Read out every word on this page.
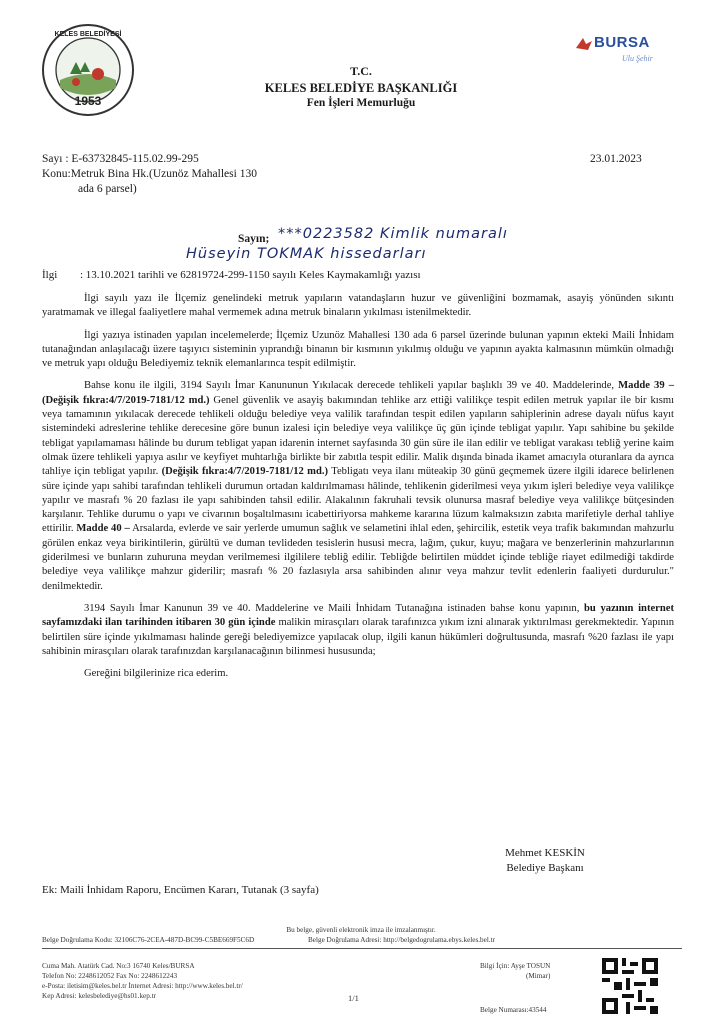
KELES BELEDİYESİ
1953
BURSA
Ulu Şehir
T.C.
KELES BELEDİYE BAŞKANLIĞI
Fen İşleri Memurluğu
Sayı : E-63732845-115.02.99-295
Konu:Metruk Bina Hk.(Uzunöz Mahallesi 130
ada 6 parsel)
23.01.2023
Sayın; ***0223582 Kimlik numaralı
Hüseyin TOKMAK hissedarları
İlgi : 13.10.2021 tarihli ve 62819724-299-1150 sayılı Keles Kaymakamlığı yazısı

İlgi sayılı yazı ile İlçemiz genelindeki metruk yapıların vatandaşların huzur ve güvenliğini bozmamak, asayiş yönünden sıkıntı yaratmamak ve illegal faaliyetlere mahal vermemek adına metruk binaların yıkılması istenilmektedir.

İlgi yazıya istinaden yapılan incelemelerde; İlçemiz Uzunöz Mahallesi 130 ada 6 parsel üzerinde bulunan yapının ekteki Maili İnhidam tutanağından anlaşılacağı üzere taşıyıcı sisteminin yıprandığı binanın bir kısmının yıkılmış olduğu ve yapının ayakta kalmasının mümkün olmadığı ve metruk yapı olduğu Belediyemiz teknik elemanlarınca tespit edilmiştir.

Bahse konu ile ilgili, 3194 Sayılı İmar Kanununun Yıkılacak derecede tehlikeli yapılar başlıklı 39 ve 40. Maddelerinde, Madde 39 – (Değişik fıkra:4/7/2019-7181/12 md.) Genel güvenlik ve asayiş bakımından tehlike arz ettiği valilikçe tespit edilen metruk yapılar ile bir kısmı veya tamamının yıkılacak derecede tehlikeli olduğu belediye veya valilik tarafından tespit edilen yapıların sahiplerinin adrese dayalı nüfus kayıt sistemindeki adreslerine tehlike derecesine göre bunun izalesi için belediye veya valilikçe üç gün içinde tebligat yapılır. Yapı sahibine bu şekilde tebligat yapılamaması hâlinde bu durum tebligat yapan idarenin internet sayfasında 30 gün süre ile ilan edilir ve tebligat varakası tebliğ yerine kaim olmak üzere tehlikeli yapıya asılır ve keyfiyet muhtarlığa birlikte bir zabıtla tespit edilir. Malik dışında binada ikamet amacıyla oturanlara da ayrıca tahliye için tebligat yapılır. (Değişik fıkra:4/7/2019-7181/12 md.) Tebligatı veya ilanı müteakip 30 günü geçmemek üzere ilgili idarece belirlenen süre içinde yapı sahibi tarafından tehlikeli durumun ortadan kaldırılmaması hâlinde, tehlikenin giderilmesi veya yıkım işleri belediye veya valilikçe yapılır ve masrafı % 20 fazlası ile yapı sahibinden tahsil edilir. Alakalının fakruhali tevsik olunursa masraf belediye veya valilikçe bütçesinden karşılanır. Tehlike durumu o yapı ve civarının boşaltılmasını icabettiriyorsa mahkeme kararına lüzum kalmaksızın zabıta marifetiyle derhal tahliye ettirilir. Madde 40 – Arsalarda, evlerde ve sair yerlerde umumun sağlık ve selametini ihlal eden, şehircilik, estetik veya trafik bakımından mahzurlu görülen enkaz veya birikintilerin, gürültü ve duman tevlideden tesislerin hususi mecra, lağım, çukur, kuyu; mağara ve benzerlerinin mahzurlarının giderilmesi ve bunların zuhuruna meydan verilmemesi ilgililere tebliğ edilir. Tebliğde belirtilen müddet içinde tebliğe riayet edilmediği takdirde belediye veya valilikçe mahzur giderilir; masrafı % 20 fazlasıyla arsa sahibinden alınır veya mahzur tevlit edenlerin faaliyeti durdurulur." denilmektedir.

3194 Sayılı İmar Kanunun 39 ve 40. Maddelerine ve Maili İnhidam Tutanağına istinaden bahse konu yapının, bu yazının internet sayfamızdaki ilan tarihinden itibaren 30 gün içinde malikin mirasçıları olarak tarafınızca yıkım izni alınarak yıktırılması gerekmektedir. Yapının belirtilen süre içinde yıkılmaması halinde gereği belediyemizce yapılacak olup, ilgili kanun hükümleri doğrultusunda, masrafı %20 fazlası ile yapı sahibinin mirasçıları olarak tarafınızdan karşılanacağının bilinmesi hususunda;

Gereğini bilgilerinize rica ederim.

Mehmet KESKİN
Belediye Başkanı
Ek: Maili İnhidam Raporu, Encümen Kararı, Tutanak (3 sayfa)
Bu belge, güvenli elektronik imza ile imzalanmıştır.
Belge Doğrulama Kodu: 32106C76-2CEA-487D-BC99-C5BE669F5C6D	Belge Doğrulama Adresi: http://belgedogrulama.ebys.keles.bel.tr
Cuma Mah. Atatürk Cad. No:3 16740 Keles/BURSA
Telefon No: 2248612052 Fax No: 2248612243
e-Posta: iletisim@keles.bel.tr İnternet Adresi: http://www.keles.bel.tr/
Kep Adresi: kelesbelediye@hs01.kep.tr
Bilgi İçin: Ayşe TOSUN
(Mimar)
1/1
Belge Numarası:43544
